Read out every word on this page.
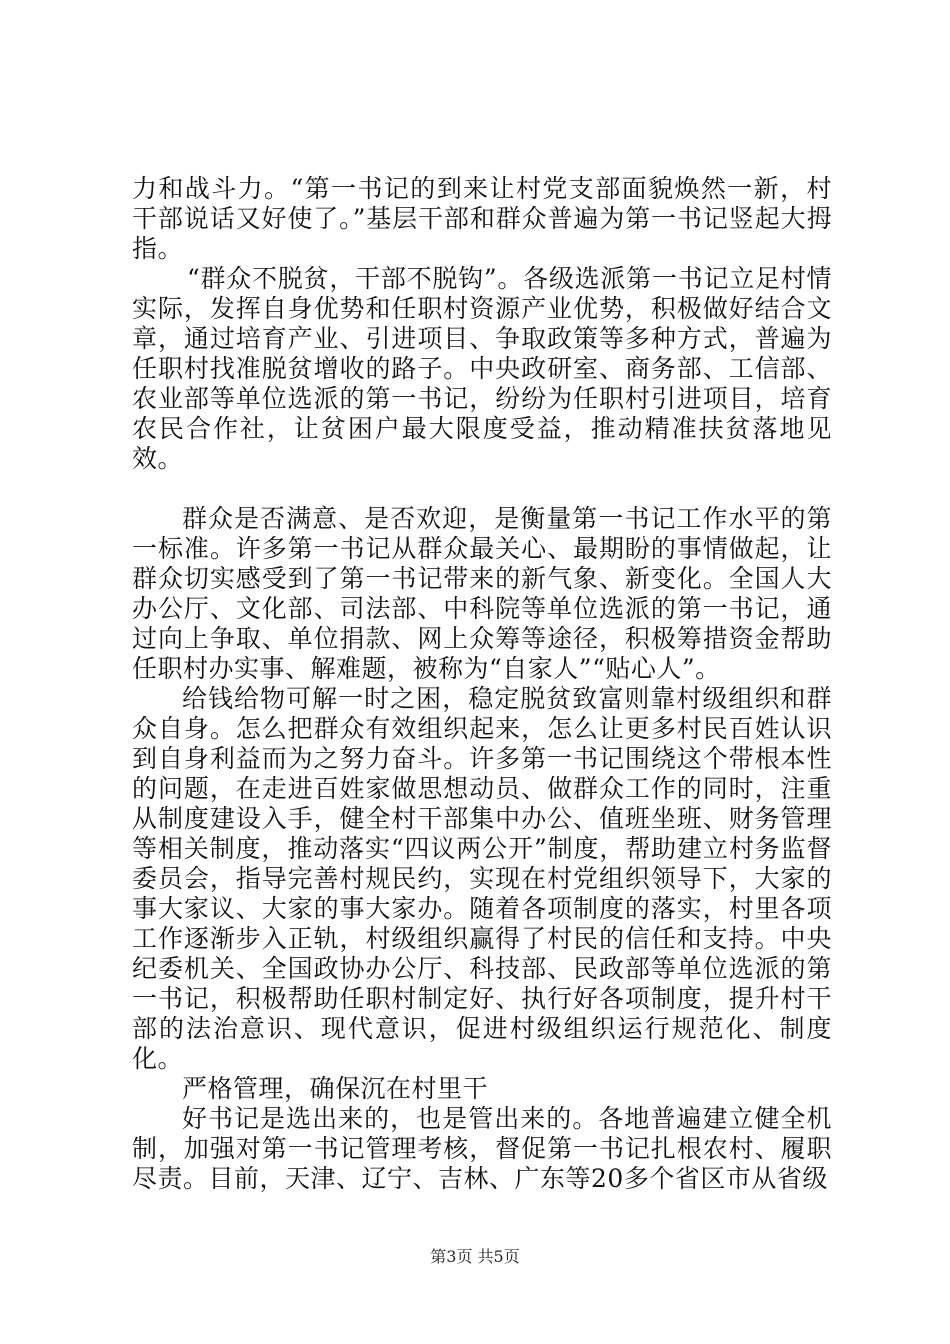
力和战斗力。“第一书记的到来让村党支部面貌焕然一新，村干部说话又好使了。”基层干部和群众普遍为第一书记竖起大拇指。

“群众不脱贫，干部不脱钩”。各级选派第一书记立足村情实际，发挥自身优势和任职村资源产业优势，积极做好结合文章，通过培育产业、引进项目、争取政策等多种方式，普遍为任职村找准脱贫增收的路子。中央政研室、商务部、工信部、农业部等单位选派的第一书记，纷纷为任职村引进项目，培育农民合作社，让贫困户最大限度受益，推动精准扶贫落地见效。

群众是否满意、是否欢迎，是衡量第一书记工作水平的第一标准。许多第一书记从群众最关心、最期盼的事情做起，让群众切实感受到了第一书记带来的新气象、新变化。全国人大办公厅、文化部、司法部、中科院等单位选派的第一书记，通过向上争取、单位捐款、网上众筹等途径，积极筹措资金帮助任职村办实事、解难题，被称为“自家人”“贴心人”。

给钱给物可解一时之困，稳定脱贫致富则靠村级组织和群众自身。怎么把群众有效组织起来，怎么让更多村民百姓认识到自身利益而为之努力奋斗。许多第一书记围绕这个带根本性的问题，在走进百姓家做思想动员、做群众工作的同时，注重从制度建设入手，健全村干部集中办公、值班坐班、财务管理等相关制度，推动落实“四议两公开”制度，帮助建立村务监督委员会，指导完善村规民约，实现在村党组织领导下，大家的事大家议、大家的事大家办。随着各项制度的落实，村里各项工作逐渐步入正轨，村级组织赢得了村民的信任和支持。中央纪委机关、全国政协办公厅、科技部、民政部等单位选派的第一书记，积极帮助任职村制定好、执行好各项制度，提升村干部的法治意识、现代意识，促进村级组织运行规范化、制度化。

严格管理，确保沉在村里干

好书记是选出来的，也是管出来的。各地普遍建立健全机制，加强对第一书记管理考核，督促第一书记扎根农村、履职尽责。目前，天津、辽宁、吉林、广东等20多个省区市从省级

第3页 共5页
